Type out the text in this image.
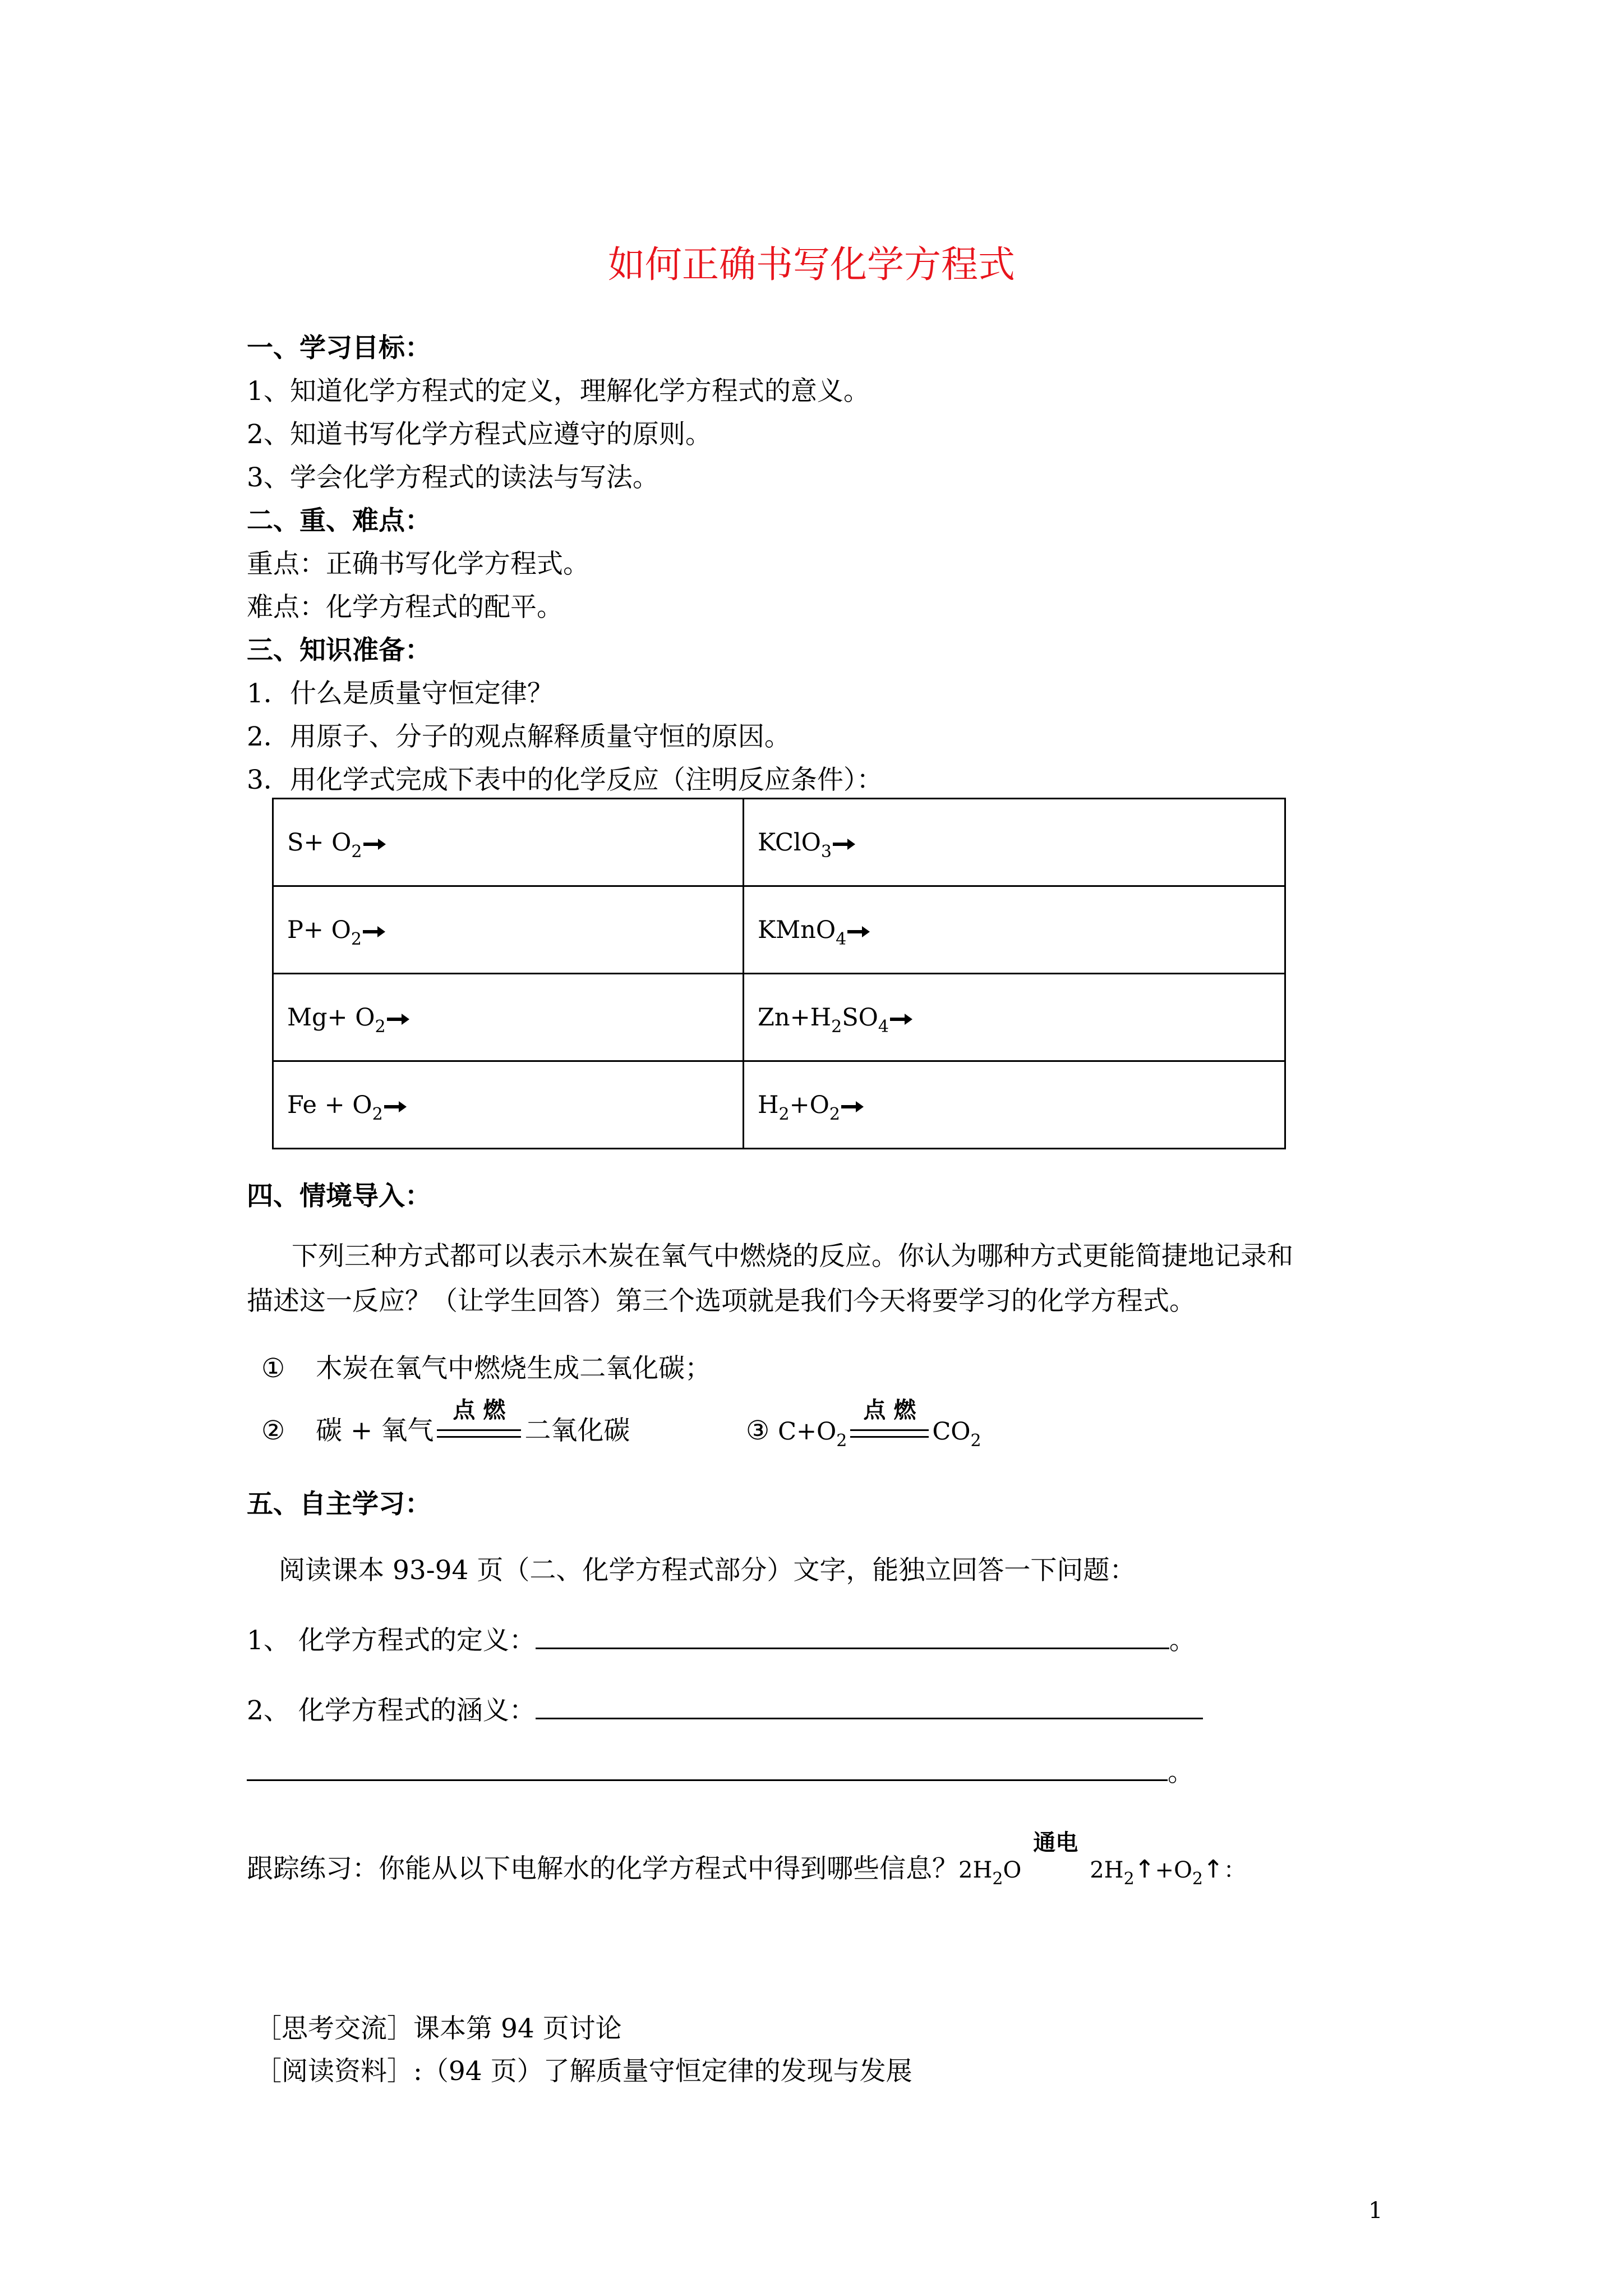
如何正确书写化学方程式
一、学习目标：
1、知道化学方程式的定义，理解化学方程式的意义。
2、知道书写化学方程式应遵守的原则。
3、学会化学方程式的读法与写法。
二、重、难点：
重点：正确书写化学方程式。
难点：化学方程式的配平。
三、知识准备：
1．什么是质量守恒定律？
2．用原子、分子的观点解释质量守恒的原因。
3．用化学式完成下表中的化学反应（注明反应条件）：
$S+ O_2$	KClO$_3$
$P+ O_2$	KMnO$_4$
$Mg+ O_2$	$Zn+H_2SO_4$
$Fe + O_2$	$H_2+O_2$
四、情境导入：
下列三种方式都可以表示木炭在氧气中燃烧的反应。你认为哪种方式更能简捷地记录和
描述这一反应？（让学生回答）第三个选项就是我们今天将要学习的化学方程式。
① 木炭在氧气中燃烧生成二氧化碳；
② 碳 + 氧气
点 燃
二氧化碳	③ $C+O_2$
点 燃
$CO_2$
五、自主学习：
阅读课本 93-94 页（二、化学方程式部分）文字，能独立回答一下问题：
1、 化学方程式的定义：	。
2、 化学方程式的涵义：
。
跟踪练习：你能从以下电解水的化学方程式中得到哪些信息？$2H_2O$
通电
$2H_2↑+O_2↑$：
［思考交流］课本第 94 页讨论
［阅读资料］:（94 页）了解质量守恒定律的发现与发展
1
